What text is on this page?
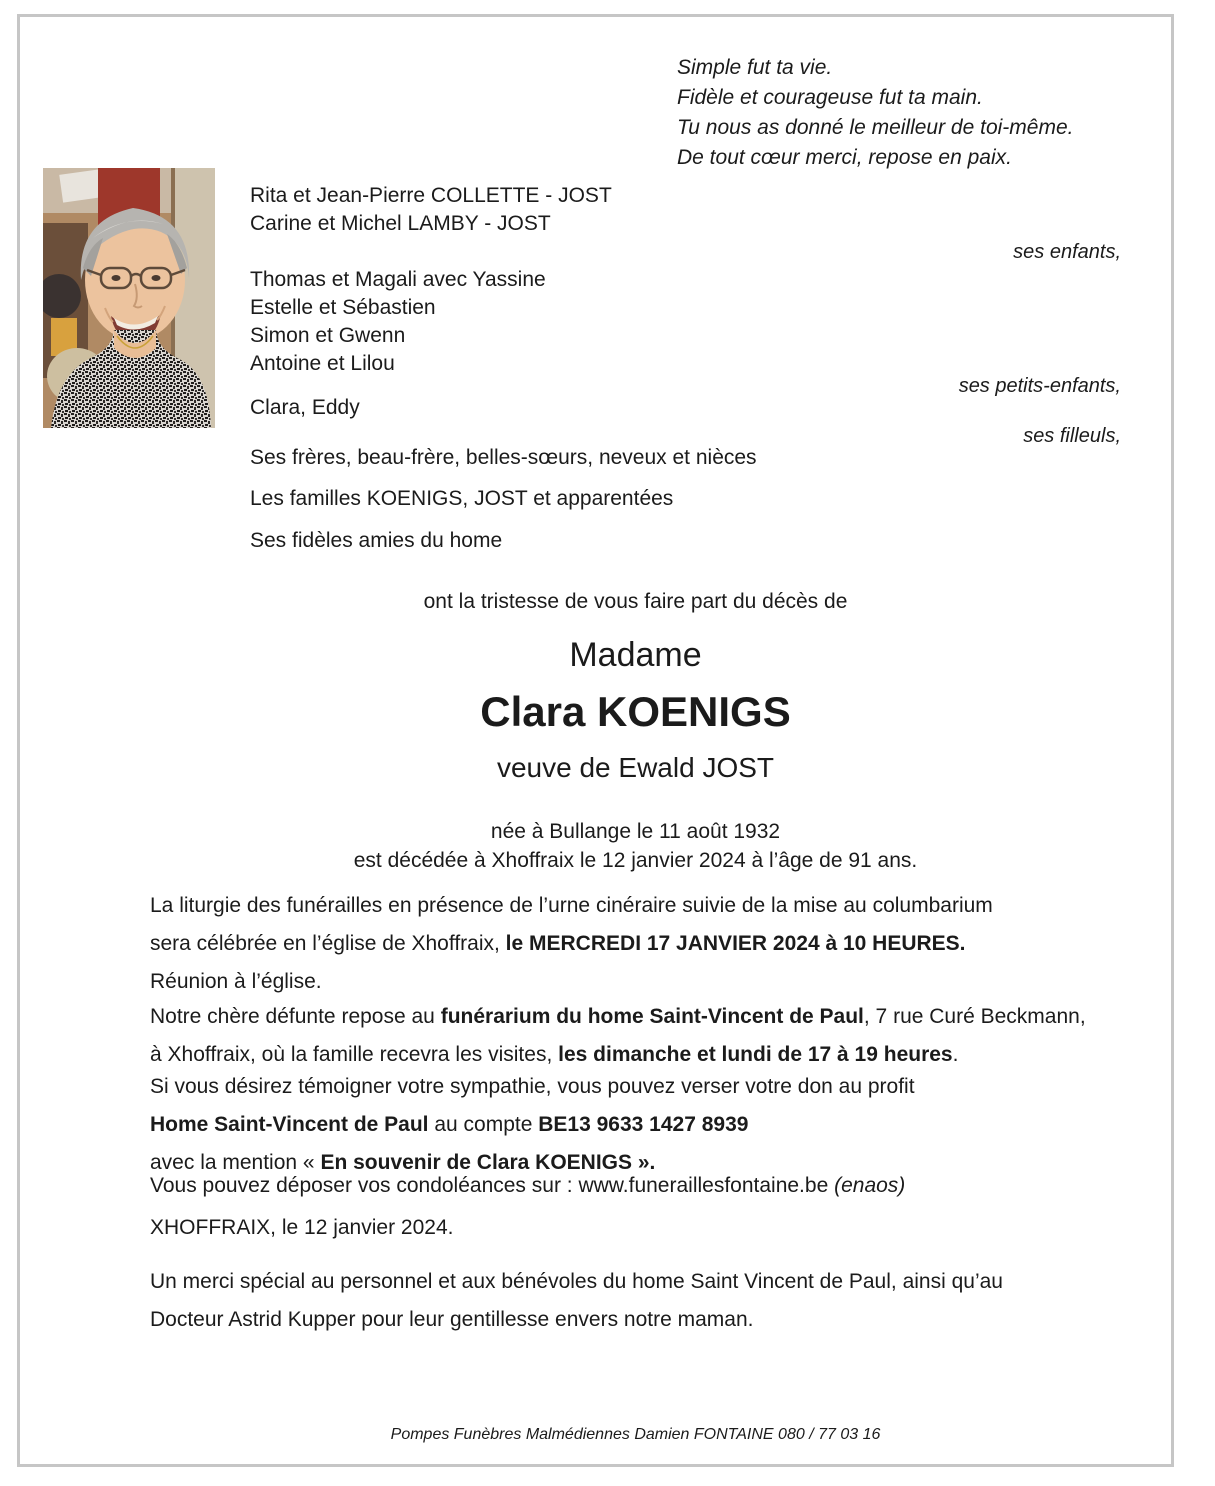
Simple fut ta vie.
Fidèle et courageuse fut ta main.
Tu nous as donné le meilleur de toi-même.
De tout cœur merci, repose en paix.
Rita et Jean-Pierre COLLETTE - JOST
Carine et Michel LAMBY - JOST
ses enfants,
Thomas et Magali avec Yassine
Estelle et Sébastien
Simon et Gwenn
Antoine et Lilou
ses petits-enfants,
Clara, Eddy
ses filleuls,
Ses frères, beau-frère, belles-sœurs, neveux et nièces
Les familles KOENIGS, JOST et apparentées
Ses fidèles amies du home
ont la tristesse de vous faire part du décès de
Madame
Clara KOENIGS
veuve de Ewald JOST
née à Bullange le 11 août 1932
est décédée à Xhoffraix le 12 janvier 2024 à l’âge de 91 ans.
La liturgie des funérailles en présence de l’urne cinéraire suivie de la mise au columbarium
sera célébrée en l’église de Xhoffraix, le MERCREDI 17 JANVIER 2024 à 10 HEURES.
Réunion à l’église.
Notre chère défunte repose au funérarium du home Saint-Vincent de Paul, 7 rue Curé Beckmann,
à Xhoffraix, où la famille recevra les visites, les dimanche et lundi de 17 à 19 heures.
Si vous désirez témoigner votre sympathie, vous pouvez verser votre don au profit
Home Saint-Vincent de Paul au compte BE13 9633 1427 8939
avec la mention « En souvenir de Clara KOENIGS ».
Vous pouvez déposer vos condoléances sur : www.funeraillesfontaine.be (enaos)
XHOFFRAIX, le 12 janvier 2024.
Un merci spécial au personnel et aux bénévoles du home Saint Vincent de Paul, ainsi qu’au
Docteur Astrid Kupper pour leur gentillesse envers notre maman.
Pompes Funèbres Malmédiennes Damien FONTAINE 080 / 77 03 16
